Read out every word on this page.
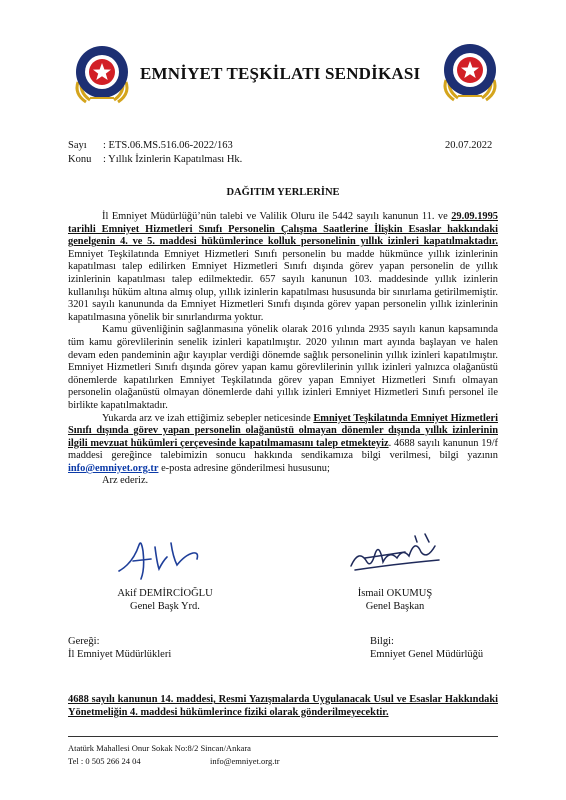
EMNİYET TEŞKİLATI SENDİKASI
Sayı : ETS.06.MS.516.06-2022/163
Konu : Yıllık İzinlerin Kapatılması Hk.
20.07.2022
DAĞITIM YERLERİNE

İl Emniyet Müdürlüğü’nün talebi ve Valilik Oluru ile 5442 sayılı kanunun 11. ve 29.09.1995 tarihli Emniyet Hizmetleri Sınıfı Personelin Çalışma Saatlerine İlişkin Esaslar hakkındaki genelgenin 4. ve 5. maddesi hükümlerince kolluk personelinin yıllık izinleri kapatılmaktadır. Emniyet Teşkilatında Emniyet Hizmetleri Sınıfı personelin bu madde hükmünce yıllık izinlerinin kapatılması talep edilirken Emniyet Hizmetleri Sınıfı dışında görev yapan personelin de yıllık izinlerinin kapatılması talep edilmektedir. 657 sayılı kanunun 103. maddesinde yıllık izinlerin kullanılışı hüküm altına almış olup, yıllık izinlerin kapatılması hususunda bir sınırlama getirilmemiştir. 3201 sayılı kanununda da Emniyet Hizmetleri Sınıfı dışında görev yapan personelin yıllık izinlerinin kapatılmasına yönelik bir sınırlandırma yoktur.

Kamu güvenliğinin sağlanmasına yönelik olarak 2016 yılında 2935 sayılı kanun kapsamında tüm kamu görevlilerinin senelik izinleri kapatılmıştır. 2020 yılının mart ayında başlayan ve halen devam eden pandeminin ağır kayıplar verdiği dönemde sağlık personelinin yıllık izinleri kapatılmıştır. Emniyet Hizmetleri Sınıfı dışında görev yapan kamu görevlilerinin yıllık izinleri yalnızca olağanüstü dönemlerde kapatılırken Emniyet Teşkilatında görev yapan Emniyet Hizmetleri Sınıfı olmayan personelin olağanüstü olmayan dönemlerde dahi yıllık izinleri Emniyet Hizmetleri Sınıfı personel ile birlikte kapatılmaktadır.

Yukarda arz ve izah ettiğimiz sebepler neticesinde Emniyet Teşkilatında Emniyet Hizmetleri Sınıfı dışında görev yapan personelin olağanüstü olmayan dönemler dışında yıllık izinlerinin ilgili mevzuat hükümleri çerçevesinde kapatılmamasını talep etmekteyiz. 4688 sayılı kanunun 19/f maddesi gereğince talebimizin sonucu hakkında sendikamıza bilgi verilmesi, bilgi yazının info@emniyet.org.tr e-posta adresine gönderilmesi hususunu;

Arz ederiz.

Akif DEMİRCİOĞLU
Genel Başk Yrd.
İsmail OKUMUŞ
Genel Başkan
Gereği:
İl Emniyet Müdürlükleri
Bilgi:
Emniyet Genel Müdürlüğü
4688 sayılı kanunun 14. maddesi, Resmi Yazışmalarda Uygulanacak Usul ve Esaslar Hakkındaki Yönetmeliğin 4. maddesi hükümlerince fiziki olarak gönderilmeyecektir.
Atatürk Mahallesi Onur Sokak No:8/2 Sincan/Ankara
Tel : 0 505 266 24 04	info@emniyet.org.tr
